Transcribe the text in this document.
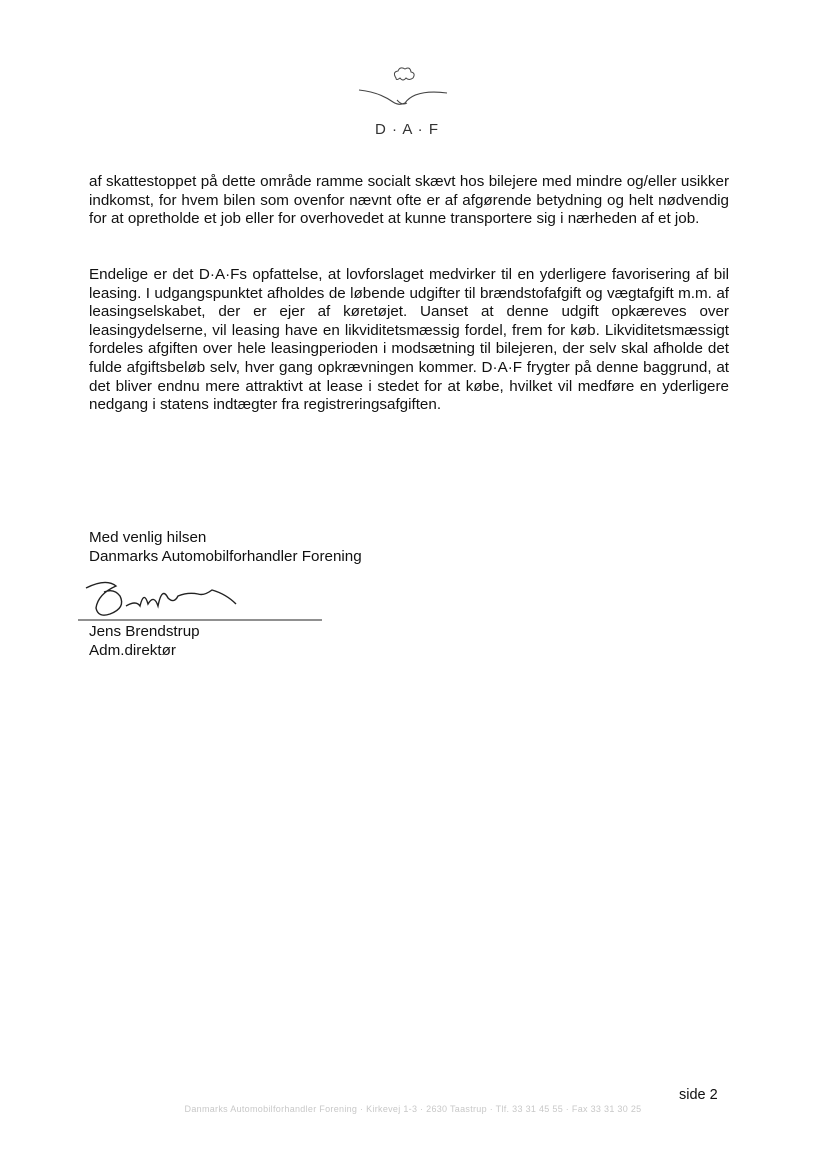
D · A · F

af skattestoppet på dette område ramme socialt skævt hos bilejere med mindre og/eller usikker indkomst, for hvem bilen som ovenfor nævnt ofte er af afgørende betydning og helt nødvendig for at opretholde et job eller for overhovedet at kunne transportere sig i nærheden af et job.

Endelige er det D·A·Fs opfattelse, at lovforslaget medvirker til en yderligere favorisering af bil leasing. I udgangspunktet afholdes de løbende udgifter til brændstofafgift og vægtafgift m.m. af leasingselskabet, der er ejer af køretøjet. Uanset at denne udgift opkæreves over leasingydelserne, vil leasing have en likviditetsmæssig fordel, frem for køb. Likviditetsmæssigt fordeles afgiften over hele leasingperioden i modsætning til bilejeren, der selv skal afholde det fulde afgiftsbeløb selv, hver gang opkrævningen kommer. D·A·F frygter på denne baggrund, at det bliver endnu mere attraktivt at lease i stedet for at købe, hvilket vil medføre en yderligere nedgang i statens indtægter fra registreringsafgiften.

Med venlig hilsen
Danmarks Automobilforhandler Forening
Jens Brendstrup
Adm.direktør
side 2
Danmarks Automobilforhandler Forening · Kirkevej 1-3 · 2630 Taastrup · Tlf. 33 31 45 55 · Fax 33 31 30 25
